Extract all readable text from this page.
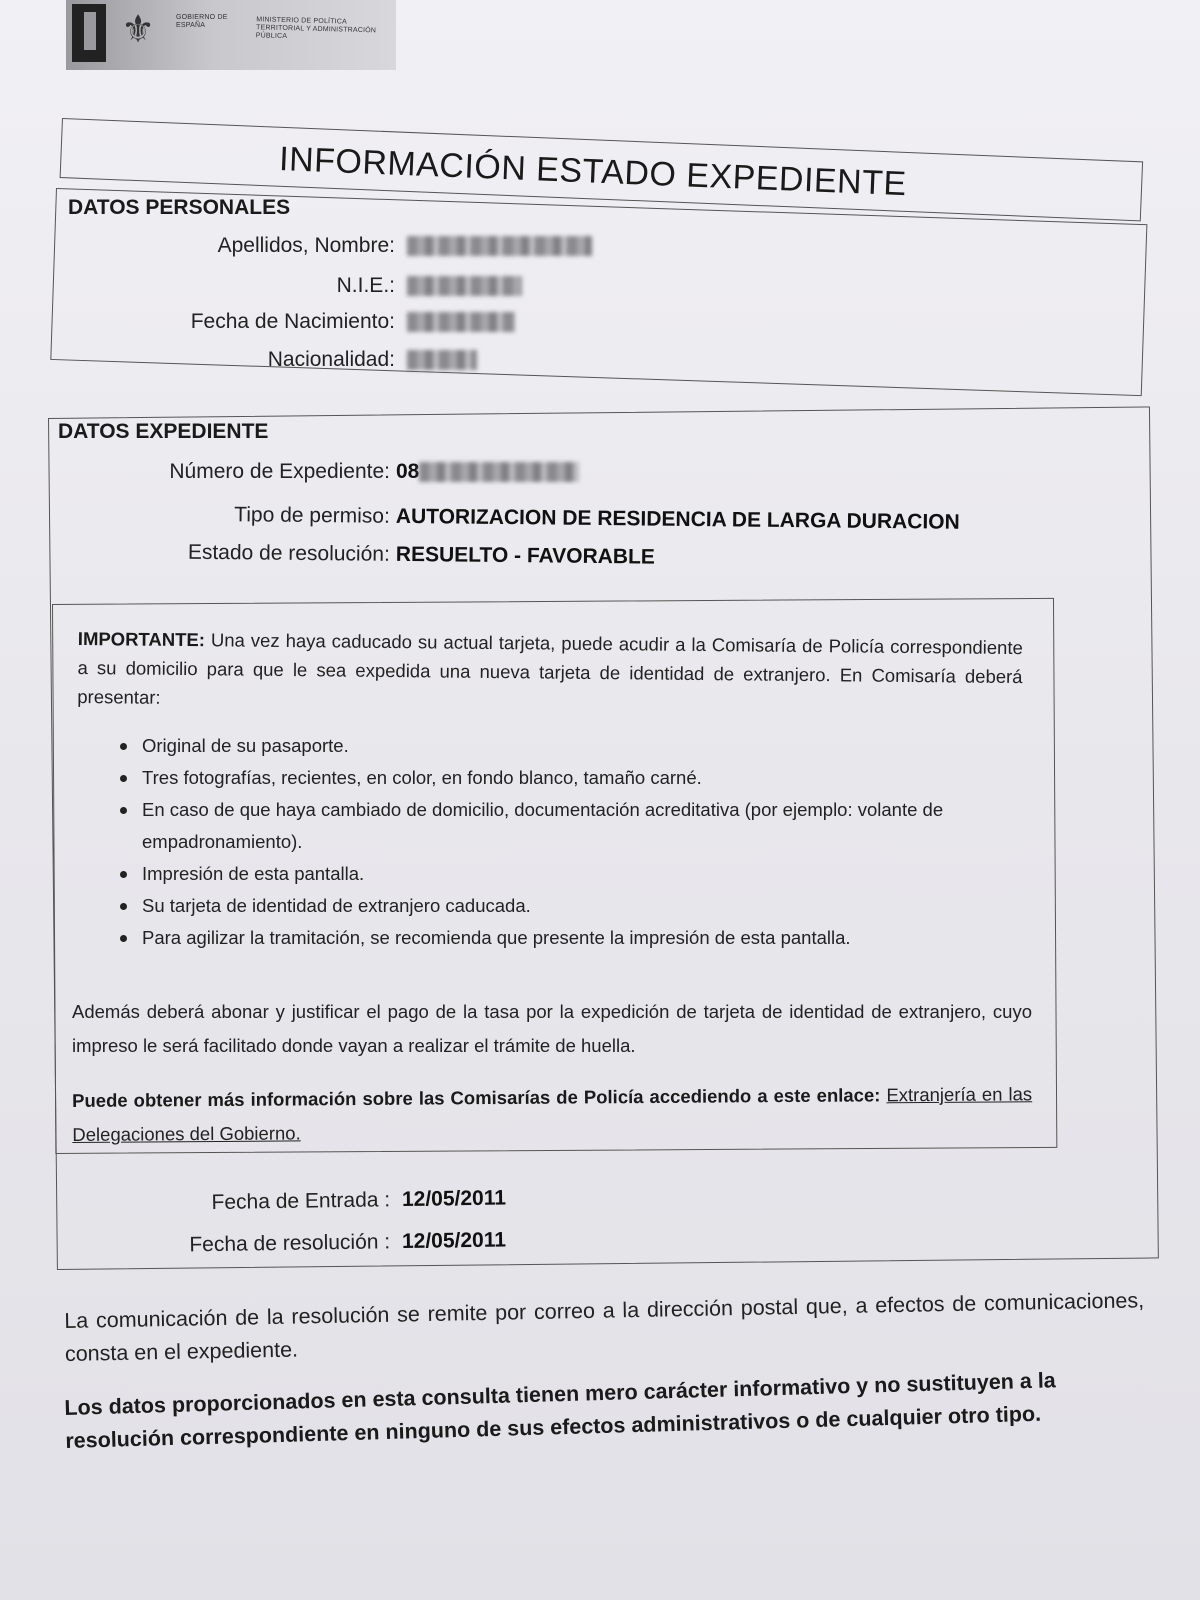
⚜	GOBIERNO DE ESPAÑA	MINISTERIO DE POLÍTICA TERRITORIAL Y ADMINISTRACIÓN PÚBLICA
INFORMACIÓN ESTADO EXPEDIENTE
DATOS PERSONALES
Apellidos, Nombre:
N.I.E.:
Fecha de Nacimiento:
Nacionalidad:
DATOS EXPEDIENTE
Número de Expediente: 08
Tipo de permiso: AUTORIZACION DE RESIDENCIA DE LARGA DURACION
Estado de resolución: RESUELTO - FAVORABLE
IMPORTANTE: Una vez haya caducado su actual tarjeta, puede acudir a la Comisaría de Policía correspondiente a su domicilio para que le sea expedida una nueva tarjeta de identidad de extranjero. En Comisaría deberá presentar:
Original de su pasaporte.
Tres fotografías, recientes, en color, en fondo blanco, tamaño carné.
En caso de que haya cambiado de domicilio, documentación acreditativa (por ejemplo: volante de empadronamiento).
Impresión de esta pantalla.
Su tarjeta de identidad de extranjero caducada.
Para agilizar la tramitación, se recomienda que presente la impresión de esta pantalla.
Además deberá abonar y justificar el pago de la tasa por la expedición de tarjeta de identidad de extranjero, cuyo impreso le será facilitado donde vayan a realizar el trámite de huella.
Puede obtener más información sobre las Comisarías de Policía accediendo a este enlace: Extranjería en las Delegaciones del Gobierno.
Fecha de Entrada : 12/05/2011
Fecha de resolución : 12/05/2011
La comunicación de la resolución se remite por correo a la dirección postal que, a efectos de comunicaciones, consta en el expediente.
Los datos proporcionados en esta consulta tienen mero carácter informativo y no sustituyen a la resolución correspondiente en ninguno de sus efectos administrativos o de cualquier otro tipo.
